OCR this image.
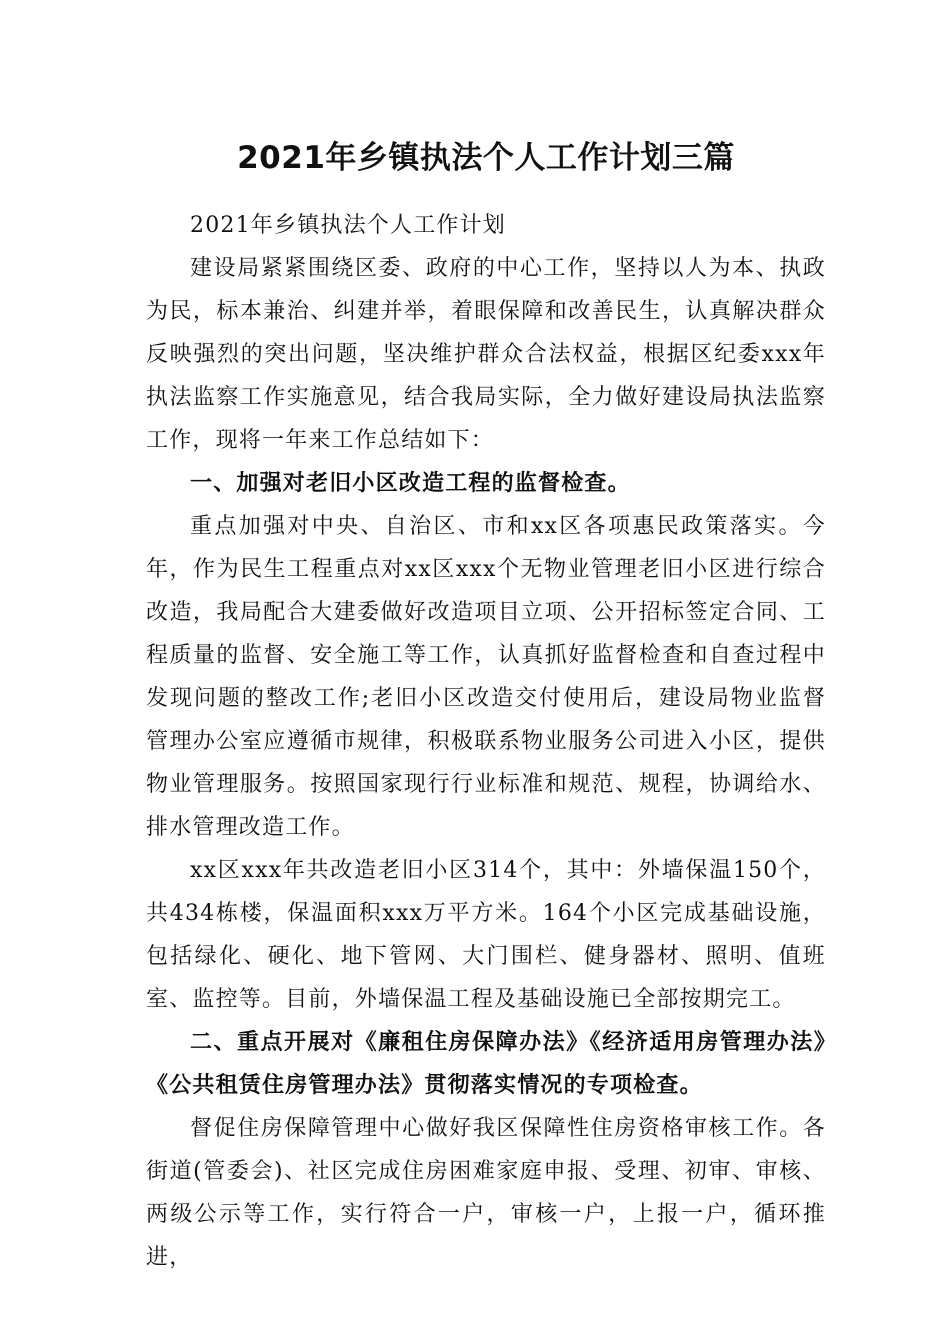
2021年乡镇执法个人工作计划三篇

2021年乡镇执法个人工作计划

建设局紧紧围绕区委、政府的中心工作，坚持以人为本、执政为民，标本兼治、纠建并举，着眼保障和改善民生，认真解决群众反映强烈的突出问题，坚决维护群众合法权益，根据区纪委xxx年执法监察工作实施意见，结合我局实际，全力做好建设局执法监察工作，现将一年来工作总结如下：

一、加强对老旧小区改造工程的监督检查。

重点加强对中央、自治区、市和xx区各项惠民政策落实。今年，作为民生工程重点对xx区xxx个无物业管理老旧小区进行综合改造，我局配合大建委做好改造项目立项、公开招标签定合同、工程质量的监督、安全施工等工作，认真抓好监督检查和自查过程中发现问题的整改工作;老旧小区改造交付使用后，建设局物业监督管理办公室应遵循市规律，积极联系物业服务公司进入小区，提供物业管理服务。按照国家现行行业标准和规范、规程，协调给水、排水管理改造工作。

xx区xxx年共改造老旧小区314个，其中：外墙保温150个，共434栋楼，保温面积xxx万平方米。164个小区完成基础设施，包括绿化、硬化、地下管网、大门围栏、健身器材、照明、值班室、监控等。目前，外墙保温工程及基础设施已全部按期完工。

二、重点开展对《廉租住房保障办法》《经济适用房管理办法》《公共租赁住房管理办法》贯彻落实情况的专项检查。

督促住房保障管理中心做好我区保障性住房资格审核工作。各街道(管委会)、社区完成住房困难家庭申报、受理、初审、审核、两级公示等工作，实行符合一户，审核一户，上报一户，循环推进，
